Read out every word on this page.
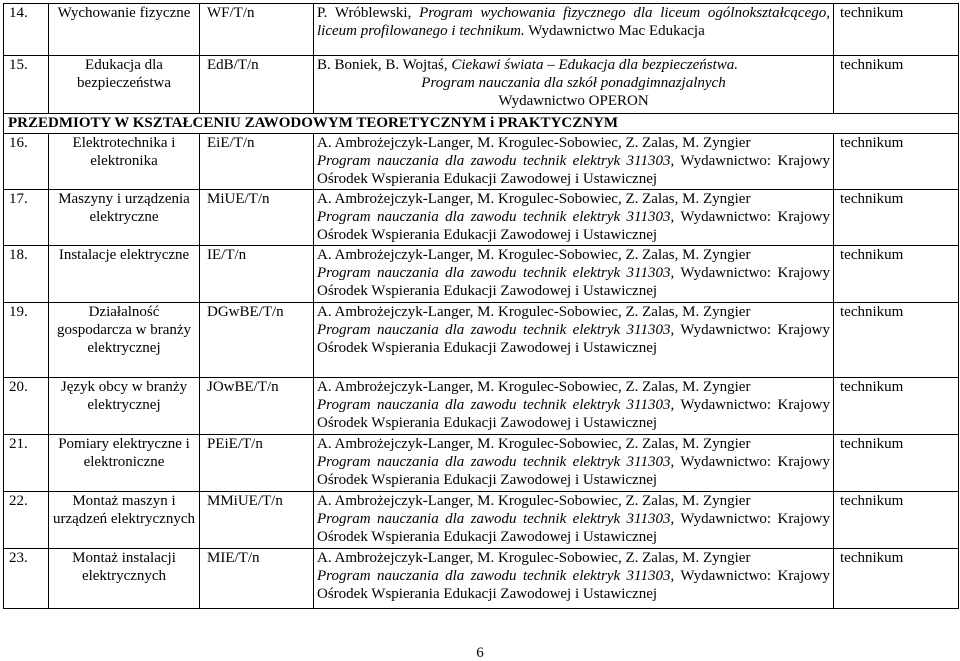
14.	Wychowanie fizyczne	WF/T/n	P. Wróblewski, Program wychowania fizycznego dla liceum ogólnokształcącego, liceum profilowanego i technikum. Wydawnictwo Mac Edukacja	technikum
15.	Edukacja dla bezpieczeństwa	EdB/T/n	B. Boniek, B. Wojtaś, Ciekawi świata – Edukacja dla bezpieczeństwa.
Program nauczania dla szkół ponadgimnazjalnych
Wydawnictwo OPERON	technikum
PRZEDMIOTY W KSZTAŁCENIU ZAWODOWYM TEORETYCZNYM i PRAKTYCZNYM				
16.	Elektrotechnika i elektronika	EiE/T/n	A. Ambrożejczyk-Langer, M. Krogulec-Sobowiec, Z. Zalas, M. Zyngier
Program nauczania dla zawodu technik elektryk 311303, Wydawnictwo: Krajowy Ośrodek Wspierania Edukacji Zawodowej i Ustawicznej	technikum
17.	Maszyny i urządzenia elektryczne	MiUE/T/n	A. Ambrożejczyk-Langer, M. Krogulec-Sobowiec, Z. Zalas, M. Zyngier
Program nauczania dla zawodu technik elektryk 311303, Wydawnictwo: Krajowy Ośrodek Wspierania Edukacji Zawodowej i Ustawicznej	technikum
18.	Instalacje elektryczne	IE/T/n	A. Ambrożejczyk-Langer, M. Krogulec-Sobowiec, Z. Zalas, M. Zyngier
Program nauczania dla zawodu technik elektryk 311303, Wydawnictwo: Krajowy Ośrodek Wspierania Edukacji Zawodowej i Ustawicznej	technikum
19.	Działalność gospodarcza w branży elektrycznej	DGwBE/T/n	A. Ambrożejczyk-Langer, M. Krogulec-Sobowiec, Z. Zalas, M. Zyngier
Program nauczania dla zawodu technik elektryk 311303, Wydawnictwo: Krajowy Ośrodek Wspierania Edukacji Zawodowej i Ustawicznej	technikum
20.	Język obcy w branży elektrycznej	JOwBE/T/n	A. Ambrożejczyk-Langer, M. Krogulec-Sobowiec, Z. Zalas, M. Zyngier
Program nauczania dla zawodu technik elektryk 311303, Wydawnictwo: Krajowy Ośrodek Wspierania Edukacji Zawodowej i Ustawicznej	technikum
21.	Pomiary elektryczne i elektroniczne	PEiE/T/n	A. Ambrożejczyk-Langer, M. Krogulec-Sobowiec, Z. Zalas, M. Zyngier
Program nauczania dla zawodu technik elektryk 311303, Wydawnictwo: Krajowy Ośrodek Wspierania Edukacji Zawodowej i Ustawicznej	technikum
22.	Montaż maszyn i urządzeń elektrycznych	MMiUE/T/n	A. Ambrożejczyk-Langer, M. Krogulec-Sobowiec, Z. Zalas, M. Zyngier
Program nauczania dla zawodu technik elektryk 311303, Wydawnictwo: Krajowy Ośrodek Wspierania Edukacji Zawodowej i Ustawicznej	technikum
23.	Montaż instalacji elektrycznych	MIE/T/n	A. Ambrożejczyk-Langer, M. Krogulec-Sobowiec, Z. Zalas, M. Zyngier
Program nauczania dla zawodu technik elektryk 311303, Wydawnictwo: Krajowy Ośrodek Wspierania Edukacji Zawodowej i Ustawicznej	technikum
6
